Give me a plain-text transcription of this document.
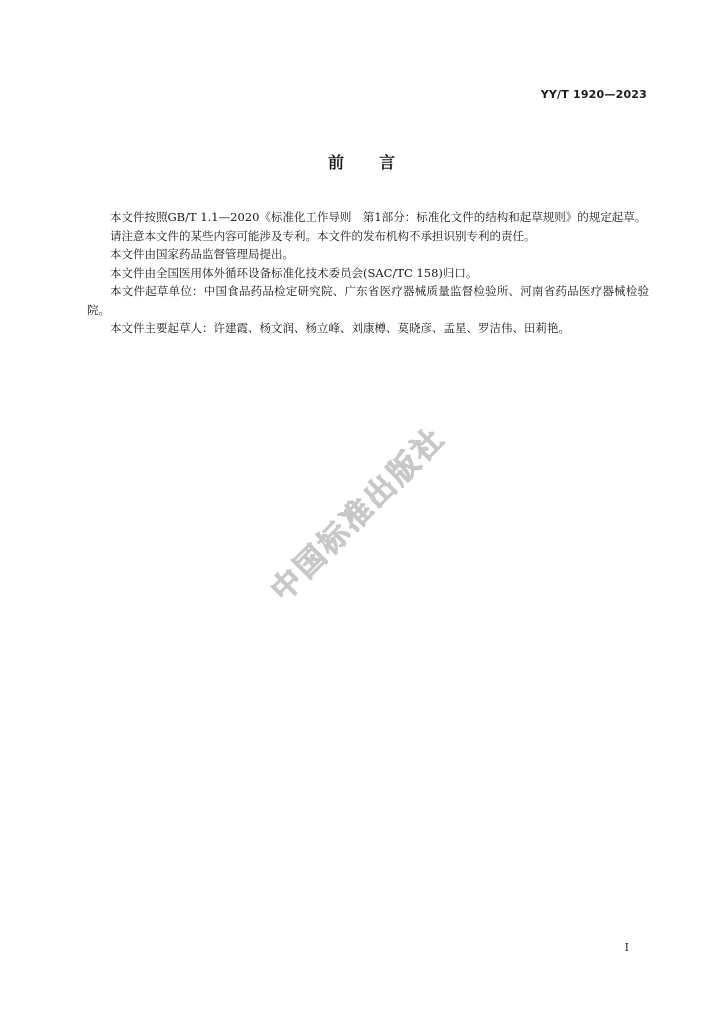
YY/T 1920—2023
前 言

本文件按照GB/T 1.1—2020《标准化工作导则　第1部分：标准化文件的结构和起草规则》的规定起草。

请注意本文件的某些内容可能涉及专利。本文件的发布机构不承担识别专利的责任。

本文件由国家药品监督管理局提出。

本文件由全国医用体外循环设备标准化技术委员会(SAC/TC 158)归口。

本文件起草单位：中国食品药品检定研究院、广东省医疗器械质量监督检验所、河南省药品医疗器械检验院。

本文件主要起草人：许建霞、杨文润、杨立峰、刘康樽、莫晓彦、孟星、罗洁伟、田莉艳。

中国标准出版社
I
